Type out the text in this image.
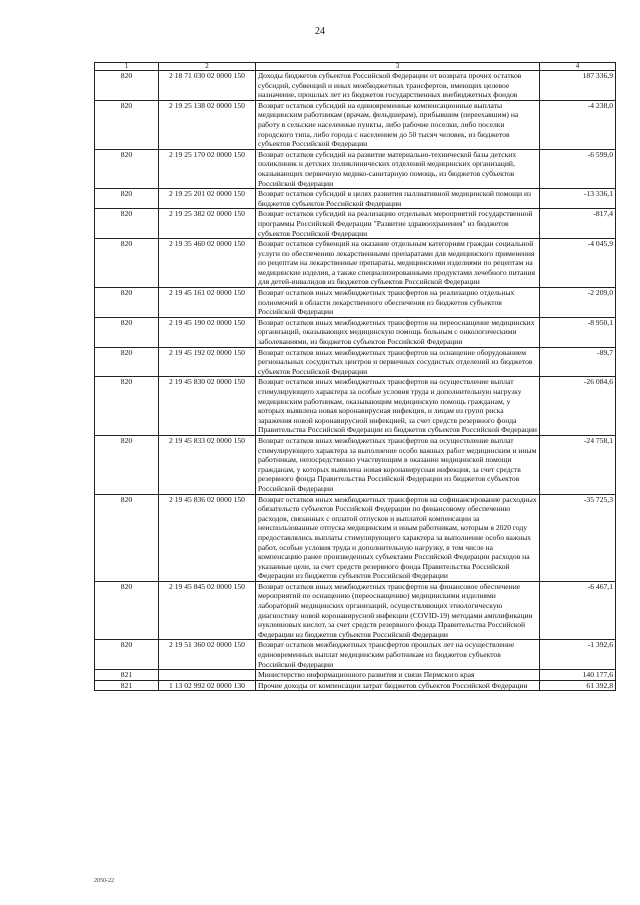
24
1	2	3	4
820	2 18 71 030 02 0000 150	Доходы бюджетов субъектов Российской Федерации от возврата прочих остатков субсидий, субвенций и иных межбюджетных трансфертов, имеющих целевое назначение, прошлых лет из бюджетов государственных внебюджетных фондов	187 336,9
820	2 19 25 138 02 0000 150	Возврат остатков субсидий на единовременные компенсационные выплаты медицинским работникам (врачам, фельдшерам), прибывшим (переехавшим) на работу в сельские населенные пункты, либо рабочие поселки, либо поселки городского типа, либо города с населением до 50 тысяч человек, из бюджетов субъектов Российской Федерации	-4 238,0
820	2 19 25 170 02 0000 150	Возврат остатков субсидий на развитие материально-технической базы детских поликлиник и детских поликлинических отделений медицинских организаций, оказывающих первичную медико-санитарную помощь, из бюджетов субъектов Российской Федерации	-6 599,0
820	2 19 25 201 02 0000 150	Возврат остатков субсидий в целях развития паллиативной медицинской помощи из бюджетов субъектов Российской Федерации	-13 336,1
820	2 19 25 382 02 0000 150	Возврат остатков субсидий на реализацию отдельных мероприятий государственной программы Российской Федерации "Развитие здравоохранения" из бюджетов субъектов Российской Федерации	-817,4
820	2 19 35 460 02 0000 150	Возврат остатков субвенций на оказание отдельным категориям граждан социальной услуги по обеспечению лекарственными препаратами для медицинского применения по рецептам на лекарственные препараты, медицинскими изделиями по рецептам на медицинские изделия, а также специализированными продуктами лечебного питания для детей-инвалидов из бюджетов субъектов Российской Федерации	-4 045,9
820	2 19 45 161 02 0000 150	Возврат остатков иных межбюджетных трансфертов на реализацию отдельных полномочий в области лекарственного обеспечения из бюджетов субъектов Российской Федерации	-2 209,0
820	2 19 45 190 02 0000 150	Возврат остатков иных межбюджетных трансфертов на переоснащение медицинских организаций, оказывающих медицинскую помощь больным с онкологическими заболеваниями, из бюджетов субъектов Российской Федерации	-8 950,1
820	2 19 45 192 02 0000 150	Возврат остатков иных межбюджетных трансфертов на оснащение оборудованием региональных сосудистых центров и первичных сосудистых отделений из бюджетов субъектов Российской Федерации	-89,7
820	2 19 45 830 02 0000 150	Возврат остатков иных межбюджетных трансфертов на осуществление выплат стимулирующего характера за особые условия труда и дополнительную нагрузку медицинским работникам, оказывающим медицинскую помощь гражданам, у которых выявлена новая коронавирусная инфекция, и лицам из групп риска заражения новой коронавирусной инфекцией, за счет средств резервного фонда Правительства Российской Федерации из бюджетов субъектов Российской Федерации	-26 084,6
820	2 19 45 833 02 0000 150	Возврат остатков иных межбюджетных трансфертов на осуществление выплат стимулирующего характера за выполнение особо важных работ медицинским и иным работникам, непосредственно участвующим в оказании медицинской помощи гражданам, у которых выявлена новая коронавирусная инфекция, за счет средств резервного фонда Правительства Российской Федерации из бюджетов субъектов Российской Федерации	-24 758,1
820	2 19 45 836 02 0000 150	Возврат остатков иных межбюджетных трансфертов на софинансирование расходных обязательств субъектов Российской Федерации по финансовому обеспечению расходов, связанных с оплатой отпусков и выплатой компенсации за неиспользованные отпуска медицинским и иным работникам, которым в 2020 году предоставлялись выплаты стимулирующего характера за выполнение особо важных работ, особые условия труда и дополнительную нагрузку, в том числе на компенсацию ранее произведенных субъектами Российской Федерации расходов на указанные цели, за счет средств резервного фонда Правительства Российской Федерации из бюджетов субъектов Российской Федерации	-35 725,3
820	2 19 45 845 02 0000 150	Возврат остатков иных межбюджетных трансфертов на финансовое обеспечение мероприятий по оснащению (переоснащению) медицинскими изделиями лабораторий медицинских организаций, осуществляющих этиологическую диагностику новой коронавирусной инфекции (COVID-19) методами амплификации нуклеиновых кислот, за счет средств резервного фонда Правительства Российской Федерации из бюджетов субъектов Российской Федерации	-6 467,1
820	2 19 51 360 02 0000 150	Возврат остатков межбюджетных трансфертов прошлых лет на осуществление единовременных выплат медицинским работникам из бюджетов субъектов Российской Федерации	-1 392,6
821		Министерство информационного развития и связи Пермского края	140 177,6
821	1 13 02 992 02 0000 130	Прочие доходы от компенсации затрат бюджетов субъектов Российской Федерации	61 392,8
2050-22
